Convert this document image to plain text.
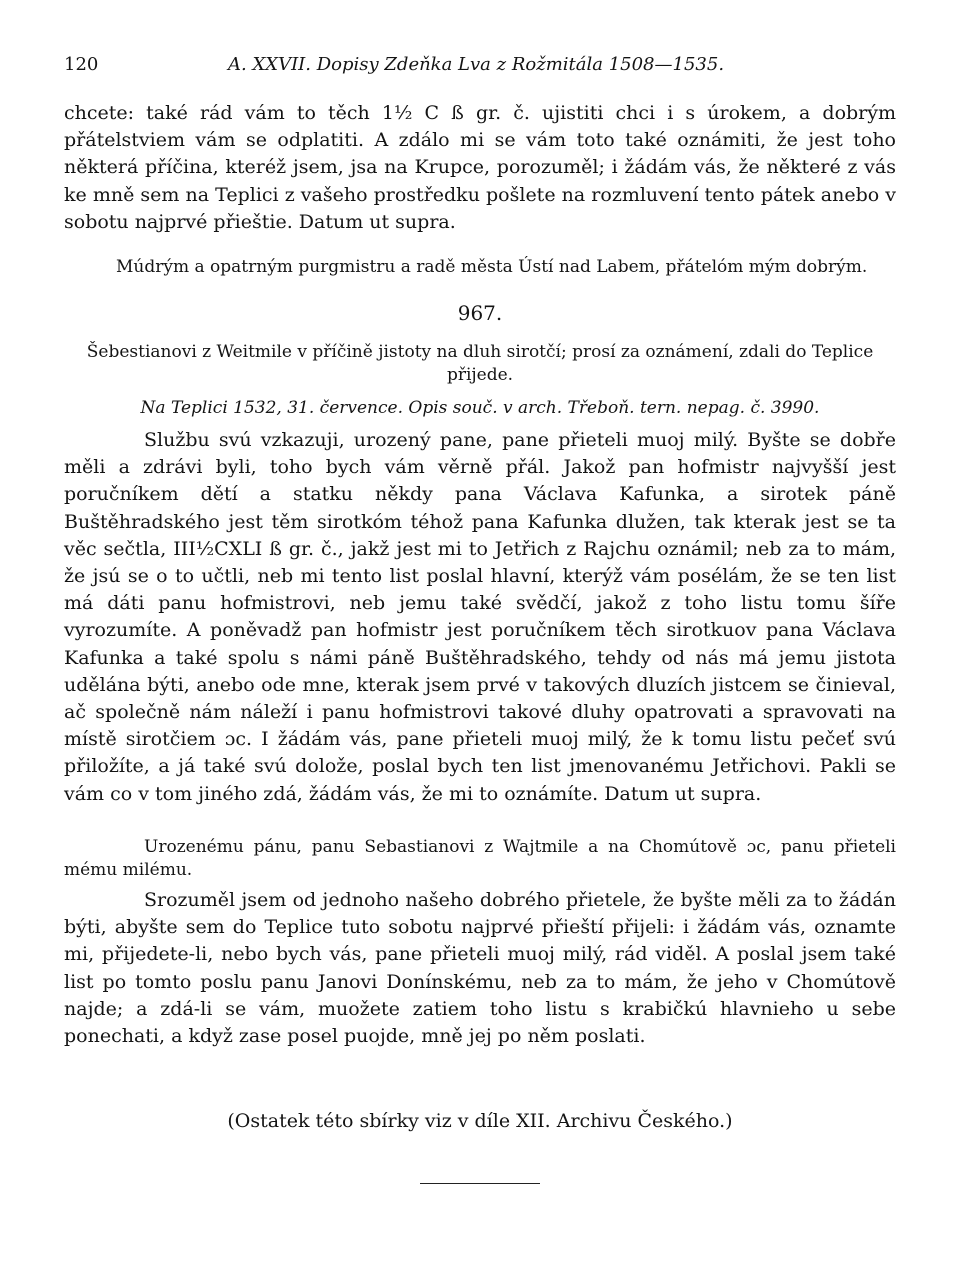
120	A. XXVII. Dopisy Zdeňka Lva z Rožmitála 1508—1535.
chcete: také rád vám to těch 1½ C ß gr. č. ujistiti chci i s úrokem, a dobrým přátelstviem vám se odplatiti. A zdálo mi se vám toto také oznámiti, že jest toho některá příčina, kteréž jsem, jsa na Krupce, porozuměl; i žádám vás, že některé z vás ke mně sem na Teplici z vašeho prostředku pošlete na rozmluvení tento pátek anebo v sobotu najprvé přieštie. Datum ut supra.
Múdrým a opatrným purgmistru a radě města Ústí nad Labem, přátelóm mým dobrým.
967.
Šebestianovi z Weitmile v příčině jistoty na dluh sirotčí; prosí za oznámení, zdali do Teplice přijede.
Na Teplici 1532, 31. července. Opis souč. v arch. Třeboň. tern. nepag. č. 3990.
Službu svú vzkazuji, urozený pane, pane přieteli muoj milý. Byšte se dobře měli a zdrávi byli, toho bych vám věrně přál. Jakož pan hofmistr najvyšší jest poručníkem dětí a statku někdy pana Václava Kafunka, a sirotek páně Buštěhradského jest těm sirotkóm téhož pana Kafunka dlužen, tak kterak jest se ta věc sečtla, III½CXLI ß gr. č., jakž jest mi to Jetřich z Rajchu oznámil; neb za to mám, že jsú se o to učtli, neb mi tento list poslal hlavní, kterýž vám posélám, že se ten list má dáti panu hofmistrovi, neb jemu také svědčí, jakož z toho listu tomu šíře vyrozumíte. A poněvadž pan hofmistr jest poručníkem těch sirotkuov pana Václava Kafunka a také spolu s námi páně Buštěhradského, tehdy od nás má jemu jistota udělána býti, anebo ode mne, kterak jsem prvé v takových dluzích jistcem se činieval, ač společně nám náleží i panu hofmistrovi takové dluhy opatrovati a spravovati na místě sirotčiem ɔc. I žádám vás, pane přieteli muoj milý, že k tomu listu pečeť svú přiložíte, a já také svú dolože, poslal bych ten list jmenovanému Jetřichovi. Pakli se vám co v tom jiného zdá, žádám vás, že mi to oznámíte. Datum ut supra.
Urozenému pánu, panu Sebastianovi z Wajtmile a na Chomútově ɔc, panu přieteli mému milému.
Srozuměl jsem od jednoho našeho dobrého přietele, že byšte měli za to žádán býti, abyšte sem do Teplice tuto sobotu najprvé přieští přijeli: i žádám vás, oznamte mi, přijedete-li, nebo bych vás, pane přieteli muoj milý, rád viděl. A poslal jsem také list po tomto poslu panu Janovi Donínskému, neb za to mám, že jeho v Chomútově najde; a zdá-li se vám, muožete zatiem toho listu s krabičkú hlavnieho u sebe ponechati, a když zase posel puojde, mně jej po něm poslati.
(Ostatek této sbírky viz v díle XII. Archivu Českého.)
